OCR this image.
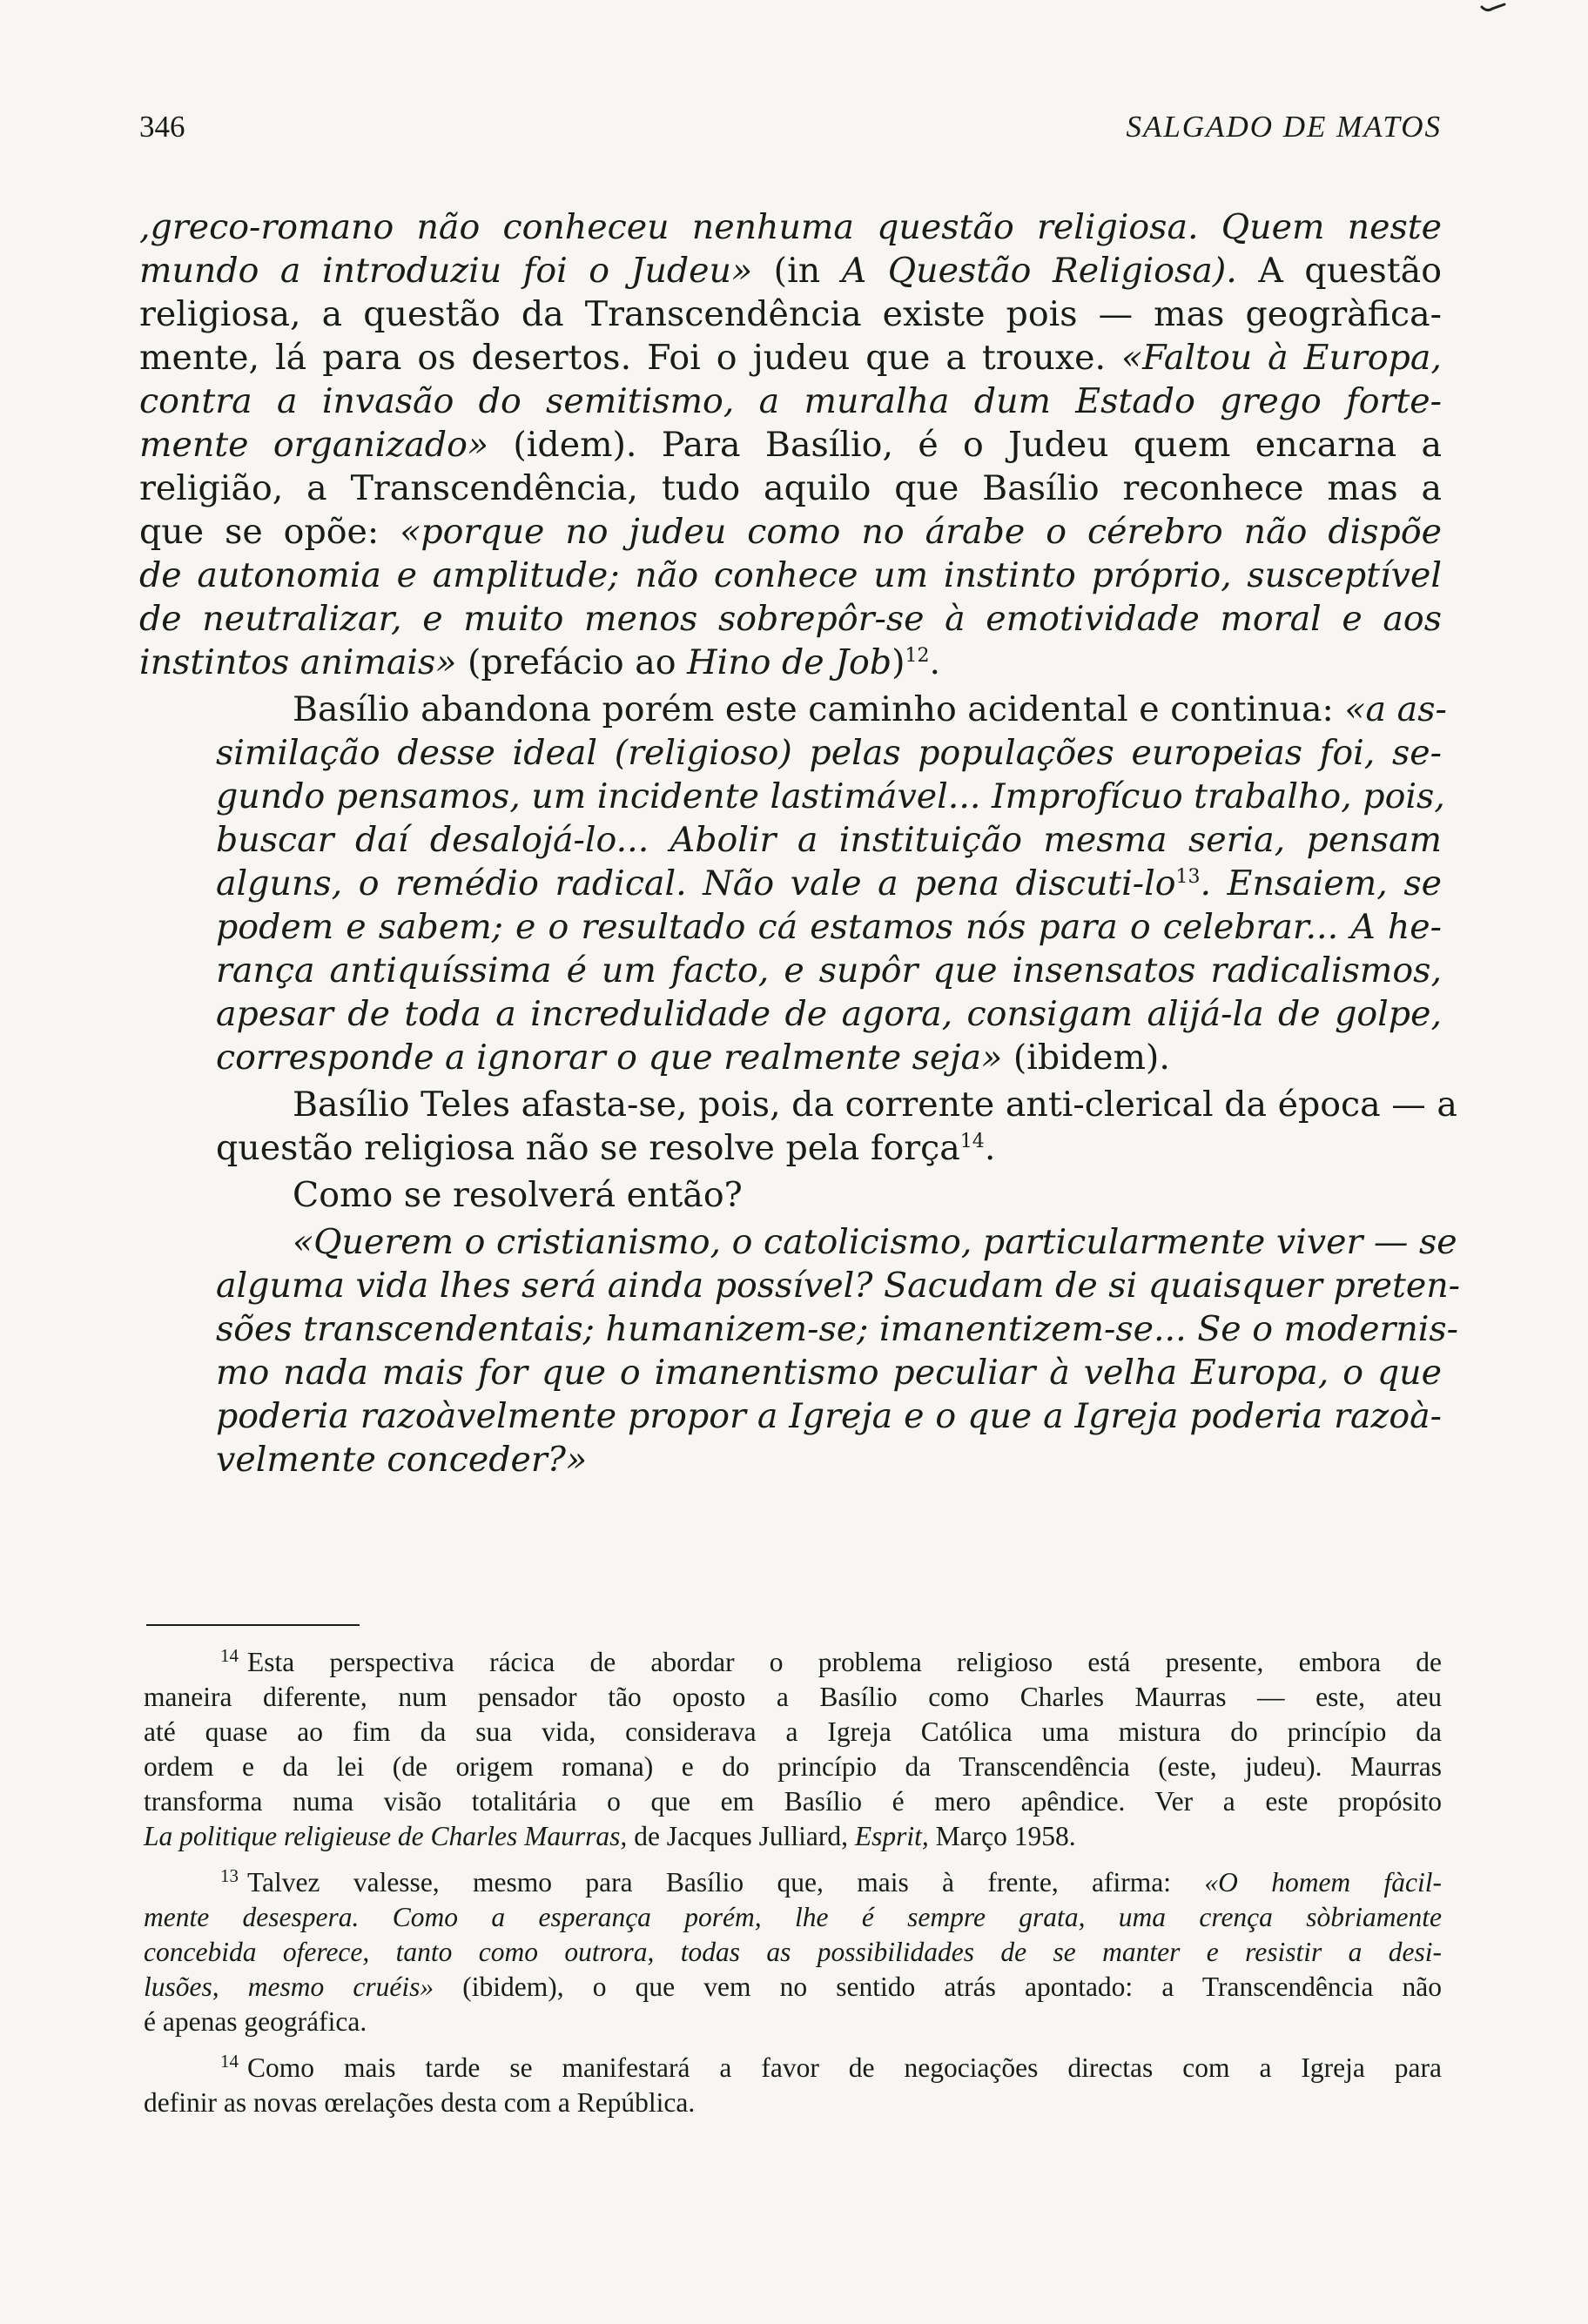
346	SALGADO DE MATOS

,greco-romano não conheceu nenhuma questão religiosa. Quem neste
mundo a introduziu foi o Judeu» (in A Questão Religiosa). A questão
religiosa, a questão da Transcendência existe pois — mas geogràfica-
mente, lá para os desertos. Foi o judeu que a trouxe. «Faltou à Europa,
contra a invasão do semitismo, a muralha dum Estado grego forte-
mente organizado» (idem). Para Basílio, é o Judeu quem encarna a
religião, a Transcendência, tudo aquilo que Basílio reconhece mas a
que se opõe: «porque no judeu como no árabe o cérebro não dispõe
de autonomia e amplitude; não conhece um instinto próprio, susceptível
de neutralizar, e muito menos sobrepôr-se à emotividade moral e aos
instintos animais» (prefácio ao Hino de Job)$^{12}$.

Basílio abandona porém este caminho acidental e continua: «a as-
similação desse ideal (religioso) pelas populações europeias foi, se-
gundo pensamos, um incidente lastimável... Improfícuo trabalho, pois,
buscar daí desalojá-lo... Abolir a instituição mesma seria, pensam
alguns, o remédio radical. Não vale a pena discuti-lo$^{13}$. Ensaiem, se
podem e sabem; e o resultado cá estamos nós para o celebrar... A he-
rança antiquíssima é um facto, e supôr que insensatos radicalismos,
apesar de toda a incredulidade de agora, consigam alijá-la de golpe,
corresponde a ignorar o que realmente seja» (ibidem).

Basílio Teles afasta-se, pois, da corrente anti-clerical da época — a
questão religiosa não se resolve pela força$^{14}$.

Como se resolverá então?

«Querem o cristianismo, o catolicismo, particularmente viver — se
alguma vida lhes será ainda possível? Sacudam de si quaisquer preten-
sões transcendentais; humanizem-se; imanentizem-se... Se o modernis-
mo nada mais for que o imanentismo peculiar à velha Europa, o que
poderia razoàvelmente propor a Igreja e o que a Igreja poderia razoà-
velmente conceder?»

$^{14}$ Esta perspectiva rácica de abordar o problema religioso está presente, embora de
maneira diferente, num pensador tão oposto a Basílio como Charles Maurras — este, ateu
até quase ao fim da sua vida, considerava a Igreja Católica uma mistura do princípio da
ordem e da lei (de origem romana) e do princípio da Transcendência (este, judeu). Maurras
transforma numa visão totalitária o que em Basílio é mero apêndice. Ver a este propósito
La politique religieuse de Charles Maurras, de Jacques Julliard, Esprit, Março 1958.
$^{13}$ Talvez valesse, mesmo para Basílio que, mais à frente, afirma: «O homem fàcil-
mente desespera. Como a esperança porém, lhe é sempre grata, uma crença sòbriamente
concebida oferece, tanto como outrora, todas as possibilidades de se manter e resistir a desi-
lusões, mesmo cruéis» (ibidem), o que vem no sentido atrás apontado: a Transcendência não
é apenas geográfica.
$^{14}$ Como mais tarde se manifestará a favor de negociações directas com a Igreja para
definir as novas œrelações desta com a República.
